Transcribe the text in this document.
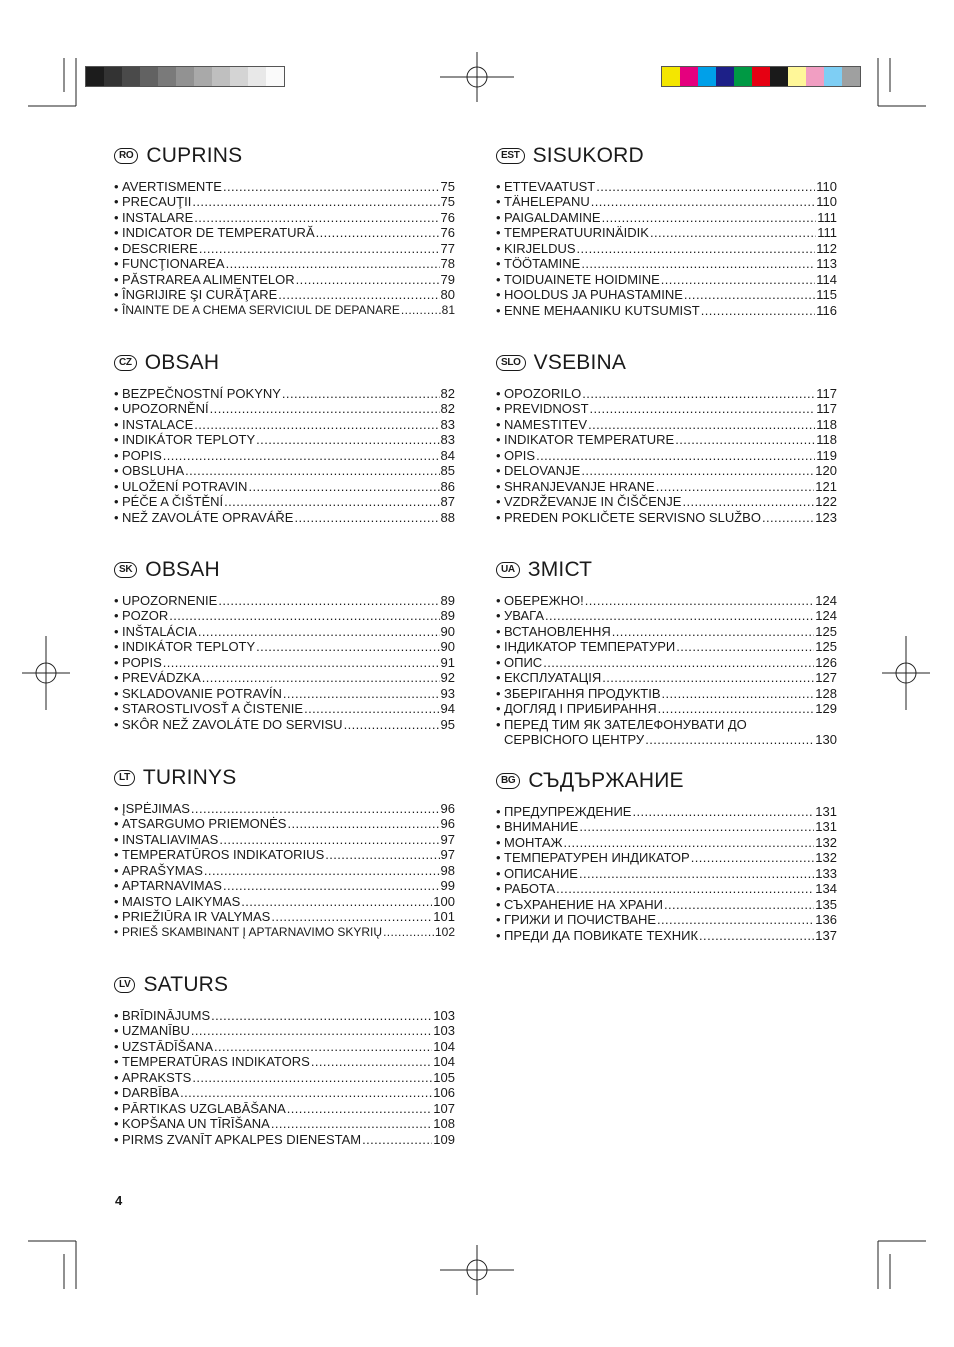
RO CUPRINS
• AVERTISMENTE .....	75
• PRECAUŢII .....	75
• INSTALARE .....	76
• INDICATOR DE TEMPERATURĂ .....	76
• DESCRIERE .....	77
• FUNCŢIONAREA .....	78
• PĂSTRAREA ALIMENTELOR .....	79
• ÎNGRIJIRE ŞI CURĂŢARE .....	80
• ÎNAINTE DE A CHEMA SERVICIUL DE DEPANARE .....	81
CZ OBSAH
• BEZPEČNOSTNÍ POKYNY .....	82
• UPOZORNĚNÍ .....	82
• INSTALACE .....	83
• INDIKÁTOR TEPLOTY .....	83
• POPIS .....	84
• OBSLUHA .....	85
• ULOŽENÍ POTRAVIN .....	86
• PÉČE A ČIŠTĚNÍ .....	87
• NEŽ ZAVOLÁTE OPRAVÁŘE .....	88
SK OBSAH
• UPOZORNENIE .....	89
• POZOR .....	89
• INŠTALÁCIA .....	90
• INDIKÁTOR TEPLOTY .....	90
• POPIS .....	91
• PREVÁDZKA .....	92
• SKLADOVANIE POTRAVÍN .....	93
• STAROSTLIVOSŤ A ČISTENIE .....	94
• SKÔR NEŽ ZAVOLÁTE DO SERVISU .....	95
LT TURINYS
• ĮSPĖJIMAS .....	96
• ATSARGUMO PRIEMONĖS .....	96
• INSTALIAVIMAS .....	97
• TEMPERATŪROS INDIKATORIUS .....	97
• APRAŠYMAS .....	98
• APTARNAVIMAS .....	99
• MAISTO LAIKYMAS .....	100
• PRIEŽIŪRA IR VALYMAS .....	101
• PRIEŠ SKAMBINANT Į APTARNAVIMO SKYRIŲ .....	102
LV SATURS
• BRĪDINĀJUMS .....	103
• UZMANĪBU .....	103
• UZSTĀDĪŠANA .....	104
• TEMPERATŪRAS INDIKATORS .....	104
• APRAKSTS .....	105
• DARBĪBA .....	106
• PĀRTIKAS UZGLABĀŠANA .....	107
• KOPŠANA UN TĪRĪŠANA .....	108
• PIRMS ZVANĪT APKALPES DIENESTAM .....	109
EST SISUKORD
• ETTEVAATUST .....	110
• TÄHELEPANU .....	110
• PAIGALDAMINE .....	111
• TEMPERATUURINÄIDIK .....	111
• KIRJELDUS .....	112
• TÖÖTAMINE .....	113
• TOIDUAINETE HOIDMINE .....	114
• HOOLDUS JA PUHASTAMINE .....	115
• ENNE MEHAANIKU KUTSUMIST .....	116
SLO VSEBINA
• OPOZORILO .....	117
• PREVIDNOST .....	117
• NAMESTITEV .....	118
• INDIKATOR TEMPERATURE .....	118
• OPIS .....	119
• DELOVANJE .....	120
• SHRANJEVANJE HRANE .....	121
• VZDRŽEVANJE IN ČIŠČENJE .....	122
• PREDEN POKLIČETE SERVISNO SLUŽBO .....	123
UA ЗМІСТ
• ОБЕРЕЖНО! .....	124
• УВАГА .....	124
• ВСТАНОВЛЕННЯ .....	125
• ІНДИКАТОР ТЕМПЕРАТУРИ .....	125
• ОПИС .....	126
• ЕКСПЛУАТАЦІЯ .....	127
• ЗБЕРІГАННЯ ПРОДУКТІВ .....	128
• ДОГЛЯД І ПРИБИРАННЯ .....	129
• ПЕРЕД ТИМ ЯК ЗАТЕЛЕФОНУВАТИ ДО
СЕРВІСНОГО ЦЕНТРУ .....	130
BG СЪДЪРЖАНИЕ
• ПРЕДУПРЕЖДЕНИЕ .....	131
• ВНИМАНИЕ .....	131
• МОНТАЖ .....	132
• ТЕМПЕРАТУРЕН ИНДИКАТОР .....	132
• ОПИСАНИЕ .....	133
• РАБОТА .....	134
• СЪХРАНЕНИЕ НА ХРАНИ .....	135
• ГРИЖИ И ПОЧИСТВАНЕ .....	136
• ПРЕДИ ДА ПОВИКАТЕ ТЕХНИК .....	137
4
